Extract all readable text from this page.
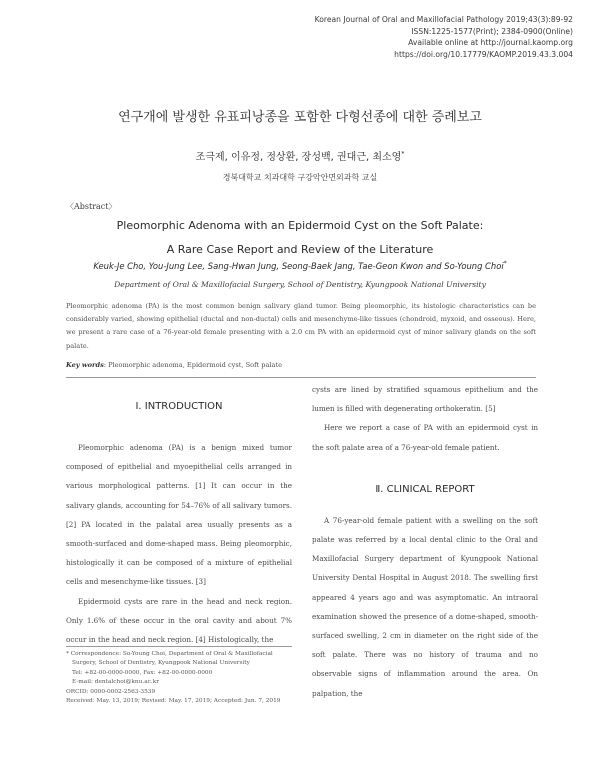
Korean Journal of Oral and Maxillofacial Pathology 2019;43(3):89-92
ISSN:1225-1577(Print); 2384-0900(Online)
Available online at http://journal.kaomp.org
https://doi.org/10.17779/KAOMP.2019.43.3.004
연구개에 발생한 유표피낭종을 포함한 다형선종에 대한 증례보고
조극제, 이유정, 정상환, 장성백, 권대근, 최소영*
경북대학교 치과대학 구강악안면외과학 교실
〈Abstract〉
Pleomorphic Adenoma with an Epidermoid Cyst on the Soft Palate:
A Rare Case Report and Review of the Literature
Keuk-Je Cho, You-Jung Lee, Sang-Hwan Jung, Seong-Baek Jang, Tae-Geon Kwon and So-Young Choi*
Department of Oral & Maxillofacial Surgery, School of Dentistry, Kyungpook National University
Pleomorphic adenoma (PA) is the most common benign salivary gland tumor. Being pleomorphic, its histologic characteristics can be considerably varied, showing epithelial (ductal and non-ductal) cells and mesenchyme-like tissues (chondroid, myxoid, and osseous). Here, we present a rare case of a 76-year-old female presenting with a 2.0 cm PA with an epidermoid cyst of minor salivary glands on the soft palate.
Key words: Pleomorphic adenoma, Epidermoid cyst, Soft palate
Ⅰ. INTRODUCTION

Pleomorphic adenoma (PA) is a benign mixed tumor composed of epithelial and myoepithelial cells arranged in various morphological patterns. [1] It can occur in the salivary glands, accounting for 54–76% of all salivary tumors. [2] PA located in the palatal area usually presents as a smooth-surfaced and dome-shaped mass. Being pleomorphic, histologically it can be composed of a mixture of epithelial cells and mesenchyme-like tissues. [3]

Epidermoid cysts are rare in the head and neck region. Only 1.6% of these occur in the oral cavity and about 7% occur in the head and neck region. [4] Histologically, the

cysts are lined by stratified squamous epithelium and the lumen is filled with degenerating orthokeratin. [5]

Here we report a case of PA with an epidermoid cyst in the soft palate area of a 76-year-old female patient.

Ⅱ. CLINICAL REPORT

A 76-year-old female patient with a swelling on the soft palate was referred by a local dental clinic to the Oral and Maxillofacial Surgery department of Kyungpook National University Dental Hospital in August 2018. The swelling first appeared 4 years ago and was asymptomatic. An intraoral examination showed the presence of a dome-shaped, smooth-surfaced swelling, 2 cm in diameter on the right side of the soft palate. There was no history of trauma and no observable signs of inflammation around the area. On palpation, the

* Correspondence: So-Young Choi, Department of Oral & Maxillofacial
Surgery, School of Dentistry, Kyungpook National University
Tel: +82-00-0000-0000, Fax: +82-00-0000-0000
E-mail: dentalchoi@knu.ac.kr
ORCID: 0000-0002-2563-3539
Received: May. 13, 2019; Revised: May. 17, 2019; Accepted: Jun. 7, 2019
